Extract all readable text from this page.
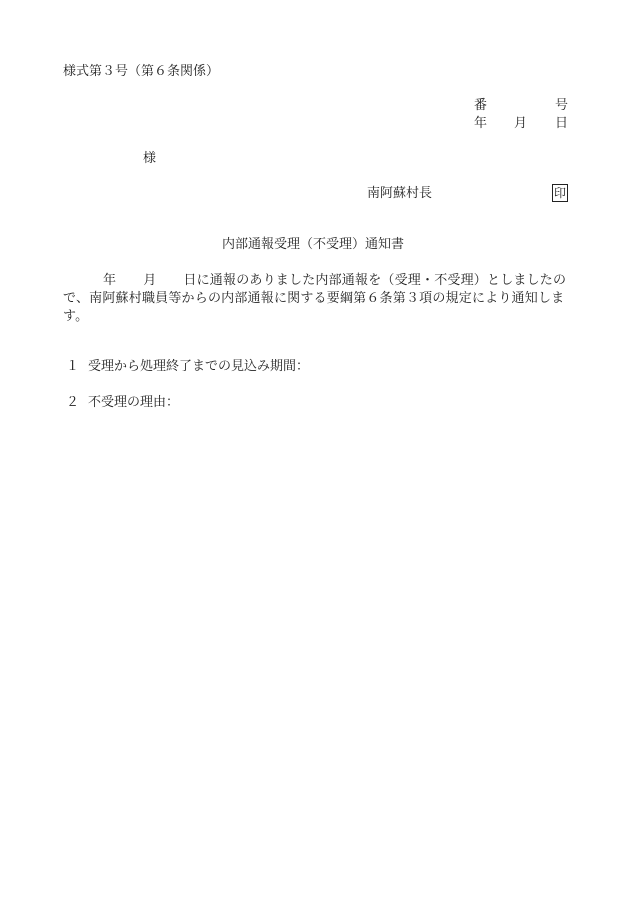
様式第３号（第６条関係）
番	号
年 月 日
様
南阿蘇村長	印
内部通報受理（不受理）通知書
年 月 日に通報のありました内部通報を（受理・不受理）としましたの
で、南阿蘇村職員等からの内部通報に関する要綱第６条第３項の規定により通知しま
す。
１ 受理から処理終了までの見込み期間：
２ 不受理の理由：
